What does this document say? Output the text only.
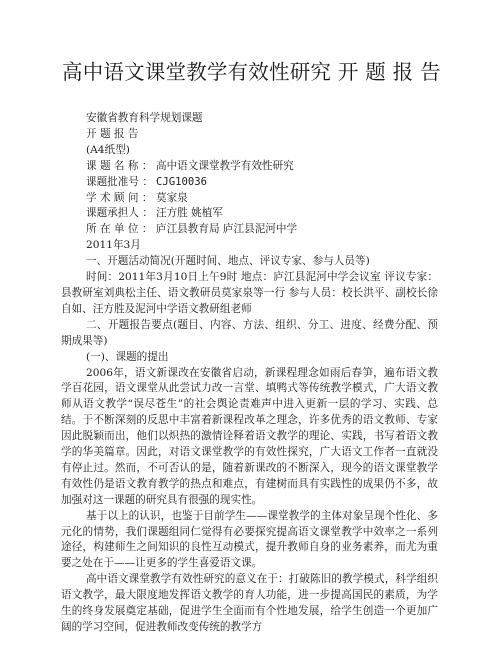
高中语文课堂教学有效性研究 开 题 报 告
安徽省教育科学规划课题
开 题 报 告
(A4纸型)
课 题 名 称 ： 高中语文课堂教学有效性研究
课题批准号 ： CJG10036
学 术 顾 问 ： 莫家泉
课题承担人 ： 汪方胜 姚植军
所 在 单 位 ： 庐江县教育局 庐江县泥河中学
2011年3月
一、开题活动简况(开题时间、地点、评议专家、参与人员等)

时间：2011年3月10日上午9时 地点：庐江县泥河中学会议室 评议专家：县教研室刘典松主任、语文教研员莫家泉等一行 参与人员：校长洪平、副校长徐自如、汪方胜及泥河中学语文教研组老师

二、开题报告要点(题目、内容、方法、组织、分工、进度、经费分配、预期成果等)

(一)、课题的提出

2006年，语文新课改在安徽省启动，新课程理念如雨后春笋，遍布语文教学百花园，语文课堂从此尝试力改一言堂、填鸭式等传统教学模式，广大语文教师从语文教学“误尽苍生”的社会舆论责难声中进入更新一层的学习、实践、总结。于不断深刻的反思中丰富着新课程改革之理念，许多优秀的语文教师、专家因此脱颖而出，他们以炽热的激情诠释着语文教学的理论、实践，书写着语文教学的华美篇章。因此，对语文课堂教学的有效性探究，广大语文工作者一直就没有停止过。然而，不可否认的是，随着新课改的不断深入，现今的语文课堂教学有效性仍是语文教育教学的热点和难点，有建树而具有实践性的成果仍不多，故加强对这一课题的研究具有很强的现实性。

基于以上的认识，也鉴于目前学生——课堂教学的主体对象呈现个性化、多元化的情势，我们课题组同仁觉得有必要探究提高语文课堂教学中效率之一系列途径，构建师生之间知识的良性互动模式，提升教师自身的业务素养，而尤为重要之处在于——让更多的学生喜爱语文课。

高中语文课堂教学有效性研究的意义在于：打破陈旧的教学模式，科学组织语文教学，最大限度地发挥语文教学的育人功能，进一步提高国民的素质，为学生的终身发展奠定基础，促进学生全面而有个性地发展，给学生创造一个更加广阔的学习空间，促进教师改变传统的教学方
